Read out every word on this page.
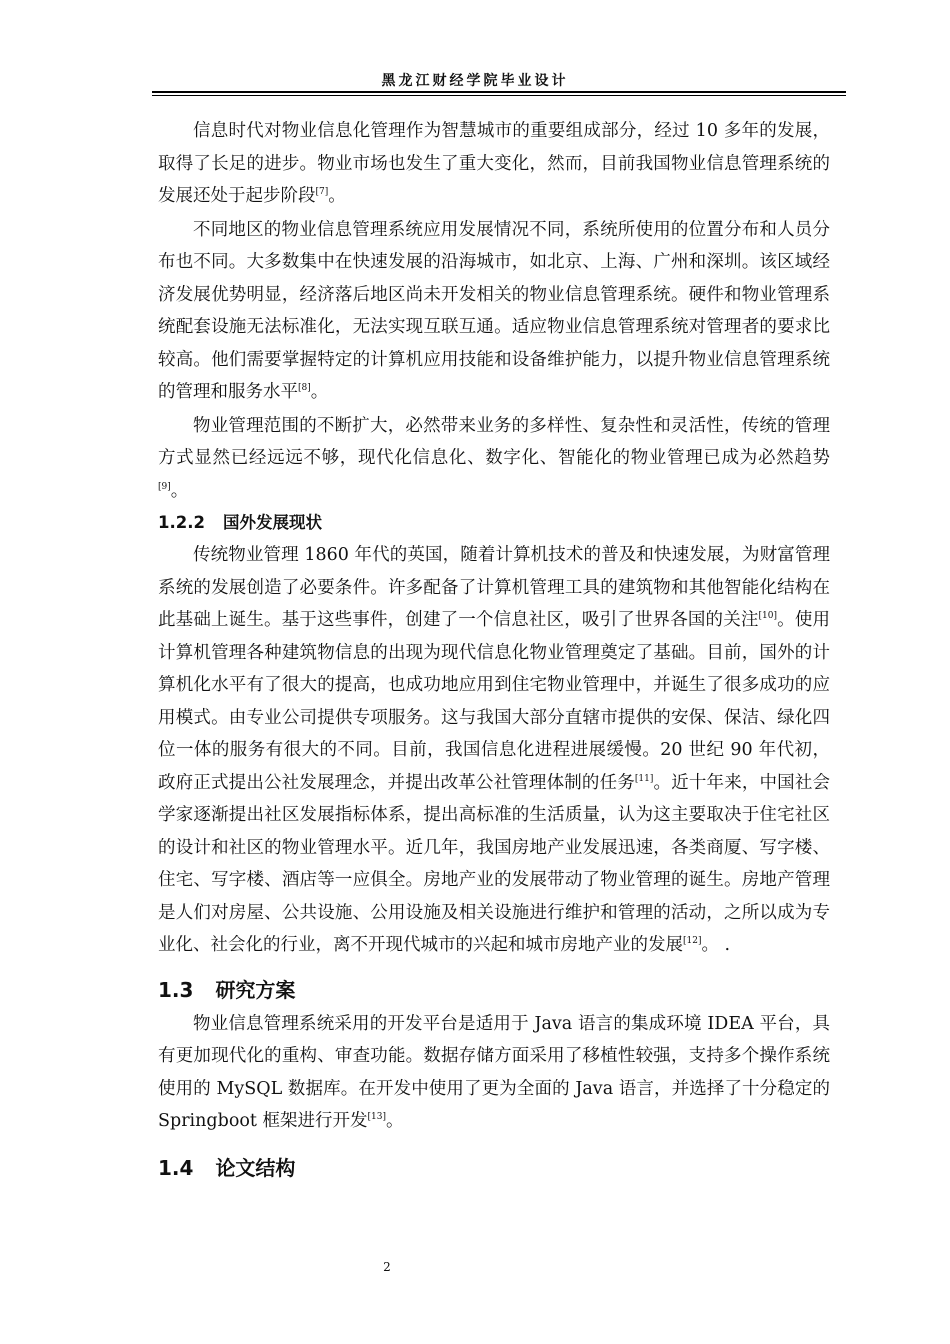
黑龙江财经学院毕业设计

信息时代对物业信息化管理作为智慧城市的重要组成部分，经过 10 多年的发展，取得了长足的进步。物业市场也发生了重大变化，然而，目前我国物业信息管理系统的发展还处于起步阶段[7]。

不同地区的物业信息管理系统应用发展情况不同，系统所使用的位置分布和人员分布也不同。大多数集中在快速发展的沿海城市，如北京、上海、广州和深圳。该区域经济发展优势明显，经济落后地区尚未开发相关的物业信息管理系统。硬件和物业管理系统配套设施无法标准化，无法实现互联互通。适应物业信息管理系统对管理者的要求比较高。他们需要掌握特定的计算机应用技能和设备维护能力，以提升物业信息管理系统的管理和服务水平[8]。

物业管理范围的不断扩大，必然带来业务的多样性、复杂性和灵活性，传统的管理方式显然已经远远不够，现代化信息化、数字化、智能化的物业管理已成为必然趋势[9]。

1.2.2 国外发展现状

传统物业管理 1860 年代的英国，随着计算机技术的普及和快速发展，为财富管理系统的发展创造了必要条件。许多配备了计算机管理工具的建筑物和其他智能化结构在此基础上诞生。基于这些事件，创建了一个信息社区，吸引了世界各国的关注[10]。使用计算机管理各种建筑物信息的出现为现代信息化物业管理奠定了基础。目前，国外的计算机化水平有了很大的提高，也成功地应用到住宅物业管理中，并诞生了很多成功的应用模式。由专业公司提供专项服务。这与我国大部分直辖市提供的安保、保洁、绿化四位一体的服务有很大的不同。目前，我国信息化进程进展缓慢。20 世纪 90 年代初，政府正式提出公社发展理念，并提出改革公社管理体制的任务[11]。近十年来，中国社会学家逐渐提出社区发展指标体系，提出高标准的生活质量，认为这主要取决于住宅社区的设计和社区的物业管理水平。近几年，我国房地产业发展迅速，各类商厦、写字楼、住宅、写字楼、酒店等一应俱全。房地产业的发展带动了物业管理的诞生。房地产管理是人们对房屋、公共设施、公用设施及相关设施进行维护和管理的活动，之所以成为专业化、社会化的行业，离不开现代城市的兴起和城市房地产业的发展[12]。 .

1.3 研究方案

物业信息管理系统采用的开发平台是适用于 Java 语言的集成环境 IDEA 平台，具有更加现代化的重构、审查功能。数据存储方面采用了移植性较强，支持多个操作系统使用的 MySQL 数据库。在开发中使用了更为全面的 Java 语言，并选择了十分稳定的 Springboot 框架进行开发[13]。

1.4 论文结构
2
